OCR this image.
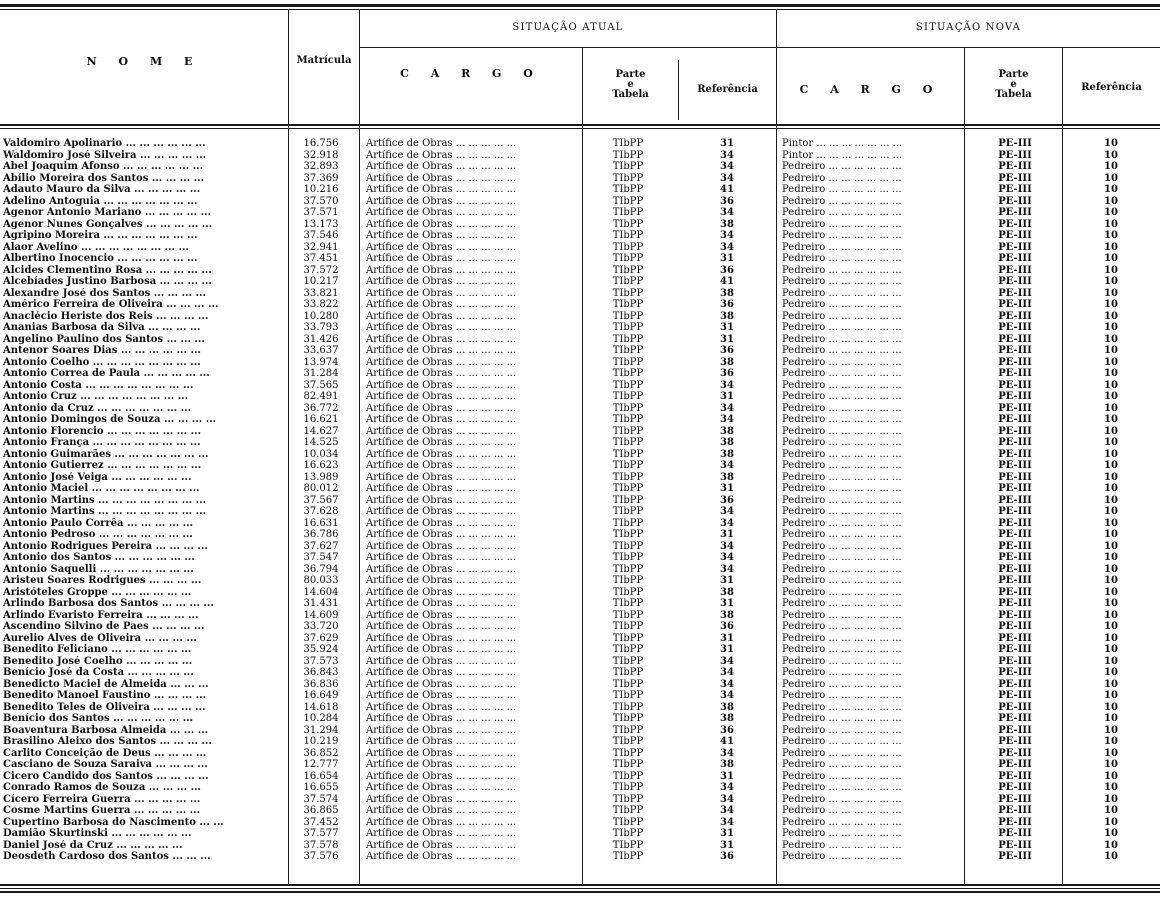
N O M E	Matrícula
SITUAÇÃO ATUAL	SITUAÇÃO NOVA
C A R G O	Parte
e
Tabela	Referência	C A R G O
Parte
e
Tabela
Referência
Valdomiro Apolinario ... ... ... ... ... ...	16.756	Artífice de Obras ... ... ... ... ...	TIbPP	31	Pintor ... ... ... ... ... ... ...	PE-III	10
Waldomiro José Silveira ... ... ... ... ...	32.918	Artífice de Obras ... ... ... ... ...	TIbPP	34	Pintor ... ... ... ... ... ... ...	PE-III	10
Abel Joaquim Afonso ... ... ... ... ... ...	32.893	Artífice de Obras ... ... ... ... ...	TIbPP	34	Pedreiro ... ... ... ... ... ...	PE-III	10
Abílio Moreira dos Santos ... ... ... ...	37.369	Artífice de Obras ... ... ... ... ...	TIbPP	34	Pedreiro ... ... ... ... ... ...	PE-III	10
Adauto Mauro da Silva ... ... ... ... ...	10.216	Artífice de Obras ... ... ... ... ...	TIbPP	41	Pedreiro ... ... ... ... ... ...	PE-III	10
Adelino Antoguia ... ... ... ... ... ... ...	37.570	Artífice de Obras ... ... ... ... ...	TIbPP	36	Pedreiro ... ... ... ... ... ...	PE-III	10
Agenor Antonio Mariano ... ... ... ... ...	37.571	Artífice de Obras ... ... ... ... ...	TIbPP	34	Pedreiro ... ... ... ... ... ...	PE-III	10
Agenor Nunes Gonçalves ... ... ... ... ...	13.173	Artífice de Obras ... ... ... ... ...	TIbPP	38	Pedreiro ... ... ... ... ... ...	PE-III	10
Agripino Moreira ... ... ... ... ... ... ...	37.546	Artífice de Obras ... ... ... ... ...	TIbPP	34	Pedreiro ... ... ... ... ... ...	PE-III	10
Alaor Avelino ... ... ... ... ... ... ... ...	32.941	Artífice de Obras ... ... ... ... ...	TIbPP	34	Pedreiro ... ... ... ... ... ...	PE-III	10
Albertino Inocencio ... ... ... ... ... ...	37.451	Artífice de Obras ... ... ... ... ...	TIbPP	31	Pedreiro ... ... ... ... ... ...	PE-III	10
Alcides Clementino Rosa ... ... ... ... ...	37.572	Artífice de Obras ... ... ... ... ...	TIbPP	36	Pedreiro ... ... ... ... ... ...	PE-III	10
Alcebíades Justino Barbosa ... ... ... ...	10.217	Artífice de Obras ... ... ... ... ...	TIbPP	41	Pedreiro ... ... ... ... ... ...	PE-III	10
Alexandre José dos Santos ... ... ... ...	33.821	Artífice de Obras ... ... ... ... ...	TIbPP	38	Pedreiro ... ... ... ... ... ...	PE-III	10
Américo Ferreira de Oliveira ... ... ... ...	33.822	Artífice de Obras ... ... ... ... ...	TIbPP	36	Pedreiro ... ... ... ... ... ...	PE-III	10
Anaclécio Heriste dos Reis ... ... ... ...	10.280	Artífice de Obras ... ... ... ... ...	TIbPP	38	Pedreiro ... ... ... ... ... ...	PE-III	10
Ananias Barbosa da Silva ... ... ... ...	33.793	Artífice de Obras ... ... ... ... ...	TIbPP	31	Pedreiro ... ... ... ... ... ...	PE-III	10
Angelino Paulino dos Santos ... ... ...	31.426	Artífice de Obras ... ... ... ... ...	TIbPP	31	Pedreiro ... ... ... ... ... ...	PE-III	10
Antenor Soares Dias ... ... ... ... ... ...	33.637	Artífice de Obras ... ... ... ... ...	TIbPP	36	Pedreiro ... ... ... ... ... ...	PE-III	10
Antonio Coelho ... ... ... ... ... ... ... ...	13.974	Artífice de Obras ... ... ... ... ...	TIbPP	38	Pedreiro ... ... ... ... ... ...	PE-III	10
Antonio Correa de Paula ... ... ... ... ...	31.284	Artífice de Obras ... ... ... ... ...	TIbPP	36	Pedreiro ... ... ... ... ... ...	PE-III	10
Antonio Costa ... ... ... ... ... ... ... ...	37.565	Artífice de Obras ... ... ... ... ...	TIbPP	34	Pedreiro ... ... ... ... ... ...	PE-III	10
Antonio Cruz ... ... ... ... ... ... ... ...	82.491	Artífice de Obras ... ... ... ... ...	TIbPP	31	Pedreiro ... ... ... ... ... ...	PE-III	10
Antonio da Cruz ... ... ... ... ... ... ...	36.772	Artífice de Obras ... ... ... ... ...	TIbPP	34	Pedreiro ... ... ... ... ... ...	PE-III	10
Antonio Domingos de Souza ... ... ... ...	16.621	Artífice de Obras ... ... ... ... ...	TIbPP	34	Pedreiro ... ... ... ... ... ...	PE-III	10
Antonio Florencio ... ... ... ... ... ... ...	14.627	Artífice de Obras ... ... ... ... ...	TIbPP	38	Pedreiro ... ... ... ... ... ...	PE-III	10
Antonio França ... ... ... ... ... ... ... ...	14.525	Artífice de Obras ... ... ... ... ...	TIbPP	38	Pedreiro ... ... ... ... ... ...	PE-III	10
Antonio Guimarães ... ... ... ... ... ... ...	10.034	Artífice de Obras ... ... ... ... ...	TIbPP	38	Pedreiro ... ... ... ... ... ...	PE-III	10
Antonio Gutierrez ... ... ... ... ... ... ...	16.623	Artífice de Obras ... ... ... ... ...	TIbPP	34	Pedreiro ... ... ... ... ... ...	PE-III	10
Antonio José Veiga ... ... ... ... ... ...	13.989	Artífice de Obras ... ... ... ... ...	TIbPP	38	Pedreiro ... ... ... ... ... ...	PE-III	10
Antonio Maciel ... ... ... ... ... ... ... ...	80.012	Artífice de Obras ... ... ... ... ...	TIbPP	31	Pedreiro ... ... ... ... ... ...	PE-III	10
Antonio Martins ... ... ... ... ... ... ... ...	37.567	Artífice de Obras ... ... ... ... ...	TIbPP	36	Pedreiro ... ... ... ... ... ...	PE-III	10
Antonio Martins ... ... ... ... ... ... ... ...	37.628	Artífice de Obras ... ... ... ... ...	TIbPP	34	Pedreiro ... ... ... ... ... ...	PE-III	10
Antonio Paulo Corrêa ... ... ... ... ...	16.631	Artífice de Obras ... ... ... ... ...	TIbPP	34	Pedreiro ... ... ... ... ... ...	PE-III	10
Antonio Pedroso ... ... ... ... ... ... ...	36.786	Artífice de Obras ... ... ... ... ...	TIbPP	31	Pedreiro ... ... ... ... ... ...	PE-III	10
Antonio Rodrigues Pereira ... ... ... ...	37.627	Artífice de Obras ... ... ... ... ...	TIbPP	34	Pedreiro ... ... ... ... ... ...	PE-III	10
Antonio dos Santos ... ... ... ... ... ...	37.547	Artífice de Obras ... ... ... ... ...	TIbPP	34	Pedreiro ... ... ... ... ... ...	PE-III	10
Antonio Saquelli ... ... ... ... ... ... ...	36.794	Artífice de Obras ... ... ... ... ...	TIbPP	34	Pedreiro ... ... ... ... ... ...	PE-III	10
Aristeu Soares Rodrigues ... ... ... ...	80.033	Artífice de Obras ... ... ... ... ...	TIbPP	31	Pedreiro ... ... ... ... ... ...	PE-III	10
Aristóteles Groppe ... ... ... ... ... ...	14.604	Artífice de Obras ... ... ... ... ...	TIbPP	38	Pedreiro ... ... ... ... ... ...	PE-III	10
Arlindo Barbosa dos Santos ... ... ... ...	31.431	Artífice de Obras ... ... ... ... ...	TIbPP	31	Pedreiro ... ... ... ... ... ...	PE-III	10
Arlindo Evaristo Ferreira ... ... ... ...	14.609	Artífice de Obras ... ... ... ... ...	TIbPP	38	Pedreiro ... ... ... ... ... ...	PE-III	10
Ascendino Silvino de Paes ... ... ... ...	33.720	Artífice de Obras ... ... ... ... ...	TIbPP	36	Pedreiro ... ... ... ... ... ...	PE-III	10
Aurelio Alves de Oliveira ... ... ... ...	37.629	Artífice de Obras ... ... ... ... ...	TIbPP	31	Pedreiro ... ... ... ... ... ...	PE-III	10
Benedito Feliciano ... ... ... ... ... ...	35.924	Artífice de Obras ... ... ... ... ...	TIbPP	31	Pedreiro ... ... ... ... ... ...	PE-III	10
Benedito José Coelho ... ... ... ... ...	37.573	Artífice de Obras ... ... ... ... ...	TIbPP	34	Pedreiro ... ... ... ... ... ...	PE-III	10
Benício José da Costa ... ... ... ... ...	36.843	Artífice de Obras ... ... ... ... ...	TIbPP	34	Pedreiro ... ... ... ... ... ...	PE-III	10
Benedicto Maciel de Almeida ... ... ...	36.836	Artífice de Obras ... ... ... ... ...	TIbPP	34	Pedreiro ... ... ... ... ... ...	PE-III	10
Benedito Manoel Faustino ... ... ... ...	16.649	Artífice de Obras ... ... ... ... ...	TIbPP	34	Pedreiro ... ... ... ... ... ...	PE-III	10
Benedito Teles de Oliveira ... ... ... ...	14.618	Artífice de Obras ... ... ... ... ...	TIbPP	38	Pedreiro ... ... ... ... ... ...	PE-III	10
Benício dos Santos ... ... ... ... ... ...	10.284	Artífice de Obras ... ... ... ... ...	TIbPP	38	Pedreiro ... ... ... ... ... ...	PE-III	10
Boaventura Barbosa Almeida ... ... ...	31.294	Artífice de Obras ... ... ... ... ...	TIbPP	36	Pedreiro ... ... ... ... ... ...	PE-III	10
Brasilino Aleixo dos Santos ... ... ... ...	10.219	Artífice de Obras ... ... ... ... ...	TIbPP	41	Pedreiro ... ... ... ... ... ...	PE-III	10
Carlito Conceição de Deus ... ... ... ...	36.852	Artífice de Obras ... ... ... ... ...	TIbPP	34	Pedreiro ... ... ... ... ... ...	PE-III	10
Casciano de Souza Saraiva ... ... ... ...	12.777	Artífice de Obras ... ... ... ... ...	TIbPP	38	Pedreiro ... ... ... ... ... ...	PE-III	10
Cicero Candido dos Santos ... ... ... ...	16.654	Artífice de Obras ... ... ... ... ...	TIbPP	31	Pedreiro ... ... ... ... ... ...	PE-III	10
Conrado Ramos de Souza ... ... ... ...	16.655	Artífice de Obras ... ... ... ... ...	TIbPP	34	Pedreiro ... ... ... ... ... ...	PE-III	10
Cícero Ferreira Guerra ... ... ... ... ...	37.574	Artífice de Obras ... ... ... ... ...	TIbPP	34	Pedreiro ... ... ... ... ... ...	PE-III	10
Cosme Martins Guerra ... ... ... ... ...	36.865	Artífice de Obras ... ... ... ... ...	TIbPP	34	Pedreiro ... ... ... ... ... ...	PE-III	10
Cupertino Barbosa do Nascimento ... ...	37.452	Artífice de Obras ... ... ... ... ...	TIbPP	34	Pedreiro ... ... ... ... ... ...	PE-III	10
Damião Skurtinski ... ... ... ... ... ...	37.577	Artífice de Obras ... ... ... ... ...	TIbPP	31	Pedreiro ... ... ... ... ... ...	PE-III	10
Daniel José da Cruz ... ... ... ... ...	37.578	Artífice de Obras ... ... ... ... ...	TIbPP	31	Pedreiro ... ... ... ... ... ...	PE-III	10
Deosdeth Cardoso dos Santos ... ... ...	37.576	Artífice de Obras ... ... ... ... ...	TIbPP	36	Pedreiro ... ... ... ... ... ...	PE-III	10
